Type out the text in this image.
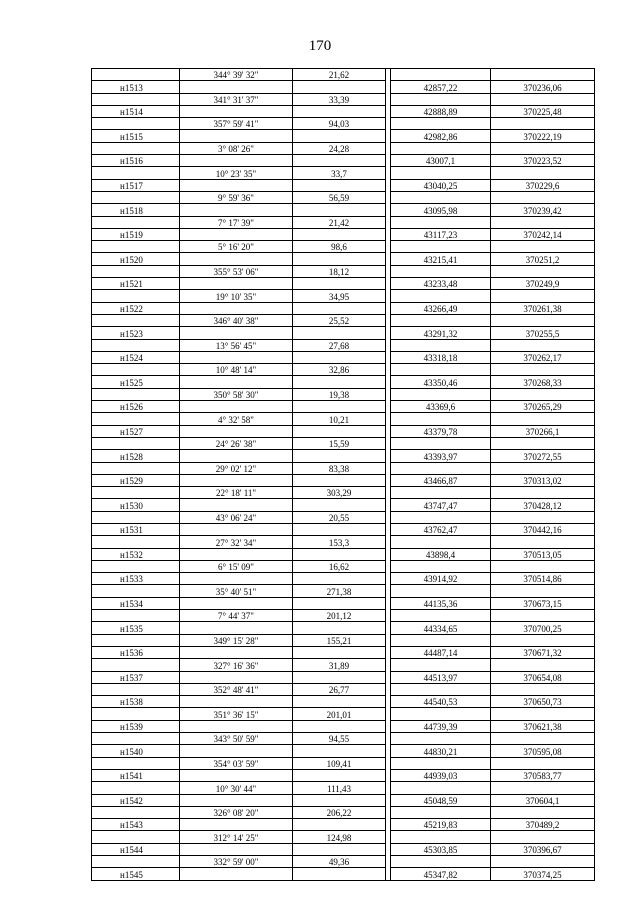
170
	344° 39' 32"	21,62			
н1513				42857,22	370236,06
	341° 31' 37"	33,39			
н1514				42888,89	370225,48
	357° 59' 41"	94,03			
н1515				42982,86	370222,19
	3° 08' 26"	24,28			
н1516				43007,1	370223,52
	10° 23' 35"	33,7			
н1517				43040,25	370229,6
	9° 59' 36"	56,59			
н1518				43095,98	370239,42
	7° 17' 39"	21,42			
н1519				43117,23	370242,14
	5° 16' 20"	98,6			
н1520				43215,41	370251,2
	355° 53' 06"	18,12			
н1521				43233,48	370249,9
	19° 10' 35"	34,95			
н1522				43266,49	370261,38
	346° 40' 38"	25,52			
н1523				43291,32	370255,5
	13° 56' 45"	27,68			
н1524				43318,18	370262,17
	10° 48' 14"	32,86			
н1525				43350,46	370268,33
	350° 58' 30"	19,38			
н1526				43369,6	370265,29
	4° 32' 58"	10,21			
н1527				43379,78	370266,1
	24° 26' 38"	15,59			
н1528				43393,97	370272,55
	29° 02' 12"	83,38			
н1529				43466,87	370313,02
	22° 18' 11"	303,29			
н1530				43747,47	370428,12
	43° 06' 24"	20,55			
н1531				43762,47	370442,16
	27° 32' 34"	153,3			
н1532				43898,4	370513,05
	6° 15' 09"	16,62			
н1533				43914,92	370514,86
	35° 40' 51"	271,38			
н1534				44135,36	370673,15
	7° 44' 37"	201,12			
н1535				44334,65	370700,25
	349° 15' 28"	155,21			
н1536				44487,14	370671,32
	327° 16' 36"	31,89			
н1537				44513,97	370654,08
	352° 48' 41"	26,77			
н1538				44540,53	370650,73
	351° 36' 15"	201,01			
н1539				44739,39	370621,38
	343° 50' 59"	94,55			
н1540				44830,21	370595,08
	354° 03' 59"	109,41			
н1541				44939,03	370583,77
	10° 30' 44"	111,43			
н1542				45048,59	370604,1
	326° 08' 20"	206,22			
н1543				45219,83	370489,2
	312° 14' 25"	124,98			
н1544				45303,85	370396,67
	332° 59' 00"	49,36			
н1545				45347,82	370374,25
